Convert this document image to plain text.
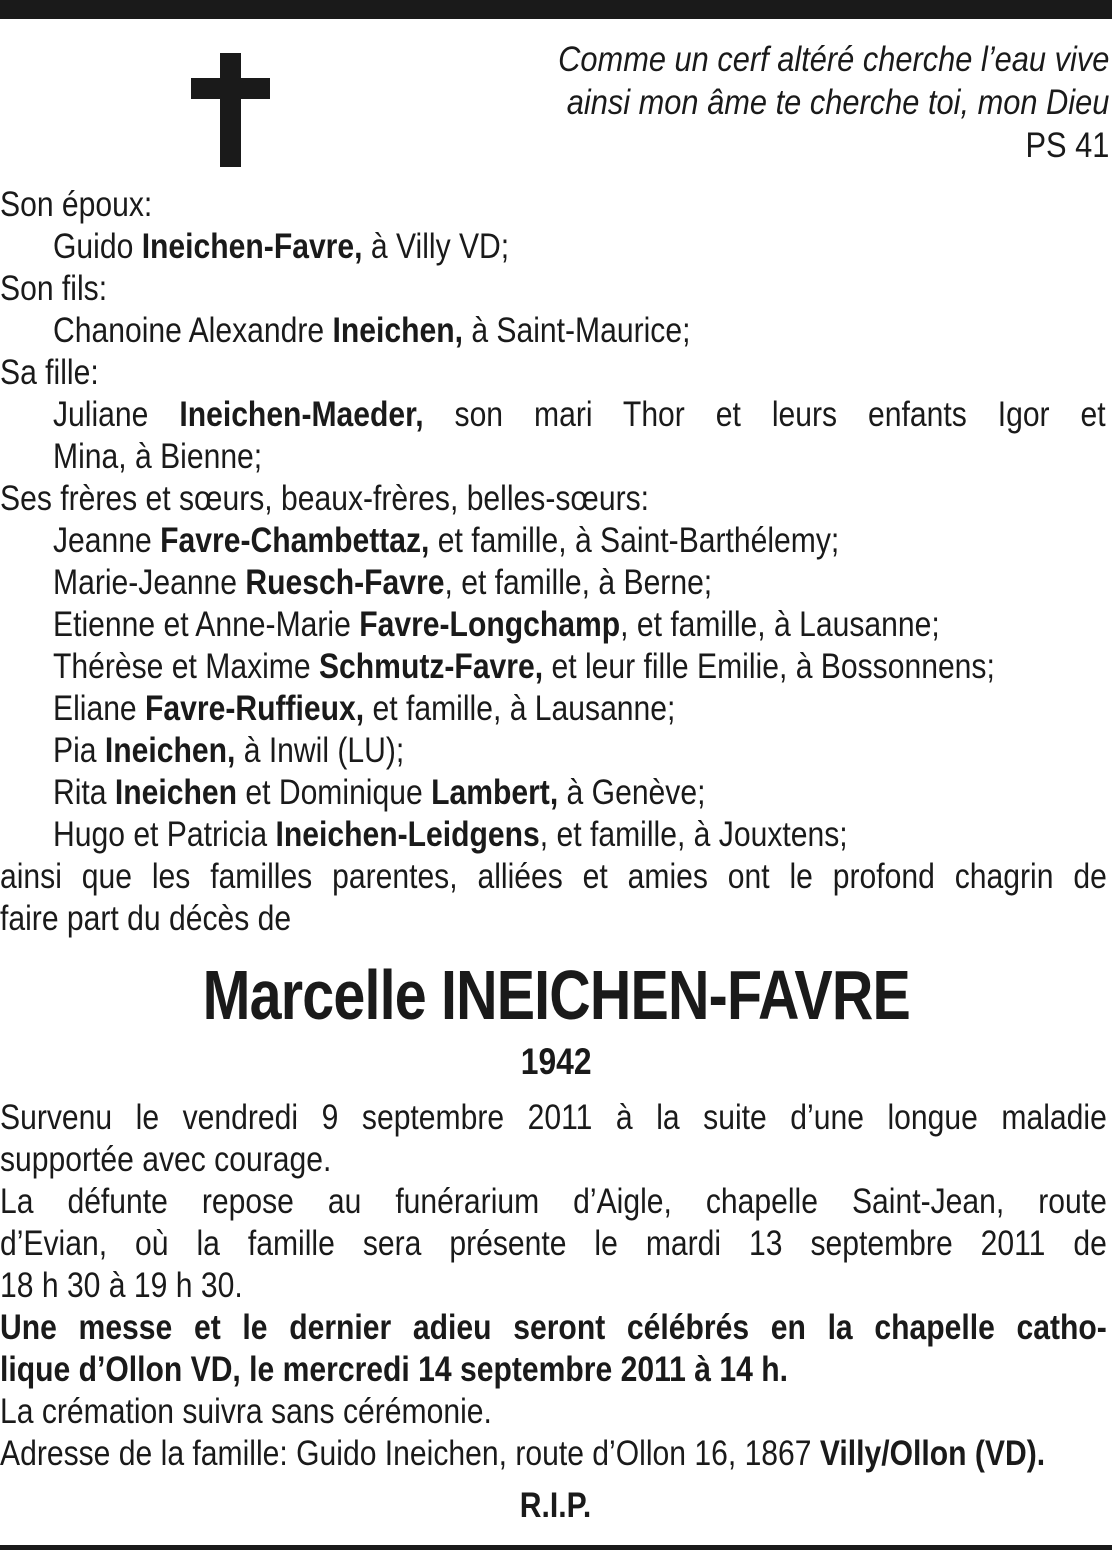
Comme un cerf altéré cherche l’eau vive
ainsi mon âme te cherche toi, mon Dieu
PS 41
Son époux:
Guido Ineichen-Favre, à Villy VD;
Son fils:
Chanoine Alexandre Ineichen, à Saint-Maurice;
Sa fille:
Juliane Ineichen-Maeder, son mari Thor et leurs enfants Igor et
Mina, à Bienne;
Ses frères et sœurs, beaux-frères, belles-sœurs:
Jeanne Favre-Chambettaz, et famille, à Saint-Barthélemy;
Marie-Jeanne Ruesch-Favre, et famille, à Berne;
Etienne et Anne-Marie Favre-Longchamp, et famille, à Lausanne;
Thérèse et Maxime Schmutz-Favre, et leur fille Emilie, à Bossonnens;
Eliane Favre-Ruffieux, et famille, à Lausanne;
Pia Ineichen, à Inwil (LU);
Rita Ineichen et Dominique Lambert, à Genève;
Hugo et Patricia Ineichen-Leidgens, et famille, à Jouxtens;
ainsi que les familles parentes, alliées et amies ont le profond chagrin de
faire part du décès de
Marcelle INEICHEN-FAVRE
1942
Survenu le vendredi 9 septembre 2011 à la suite d’une longue maladie
supportée avec courage.
La défunte repose au funérarium d’Aigle, chapelle Saint-Jean, route
d’Evian, où la famille sera présente le mardi 13 septembre 2011 de
18 h 30 à 19 h 30.
Une messe et le dernier adieu seront célébrés en la chapelle catho-
lique d’Ollon VD, le mercredi 14 septembre 2011 à 14 h.
La crémation suivra sans cérémonie.
Adresse de la famille: Guido Ineichen, route d’Ollon 16, 1867 Villy/Ollon (VD).
R.I.P.
